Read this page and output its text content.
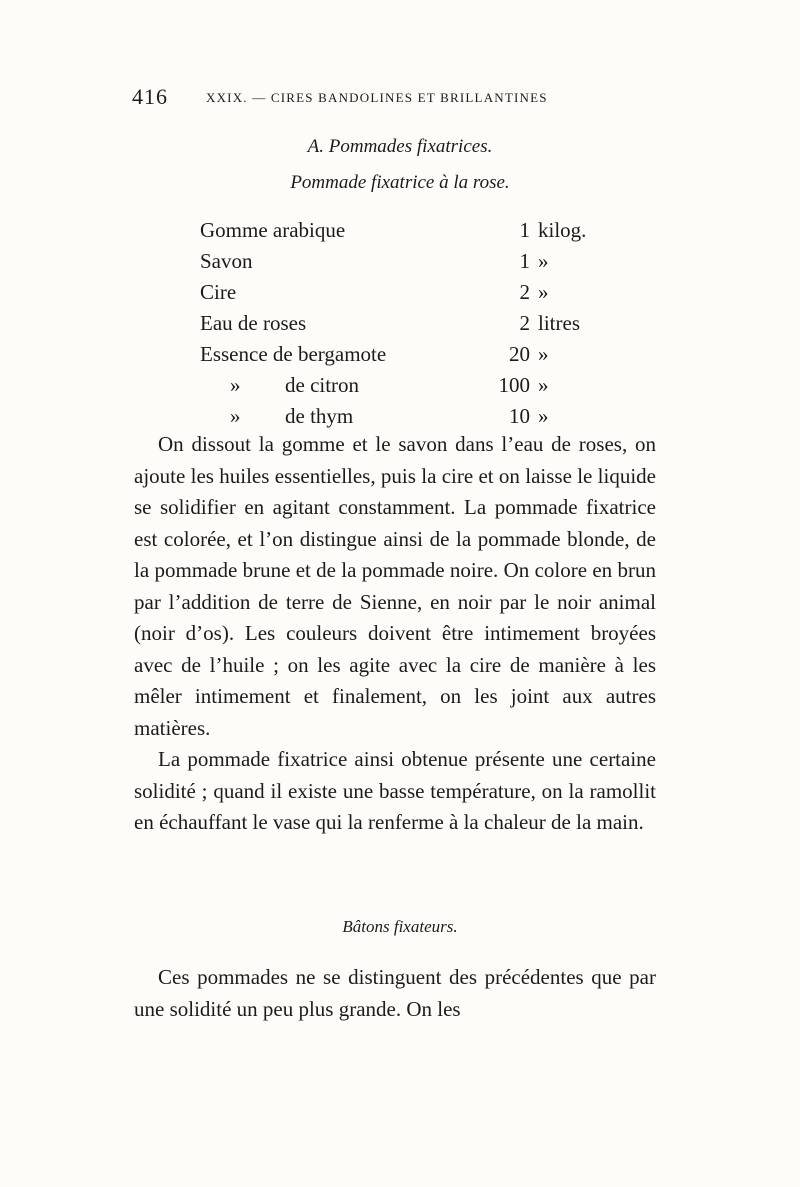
416	XXIX. — CIRES BANDOLINES ET BRILLANTINES
A. Pommades fixatrices.
Pommade fixatrice à la rose.
Gomme arabique	1 kilog.
Savon	1 »
Cire	2 »
Eau de roses	2 litres
Essence de bergamote	20 »
» de citron	100 »
» de thym	10 »

On dissout la gomme et le savon dans l’eau de roses, on ajoute les huiles essentielles, puis la cire et on laisse le liquide se solidifier en agitant constamment. La pommade fixatrice est colorée, et l’on distingue ainsi de la pommade blonde, de la pommade brune et de la pommade noire. On colore en brun par l’addition de terre de Sienne, en noir par le noir animal (noir d’os). Les couleurs doivent être intimement broyées avec de l’huile ; on les agite avec la cire de manière à les mêler intimement et finalement, on les joint aux autres matières.

La pommade fixatrice ainsi obtenue présente une certaine solidité ; quand il existe une basse température, on la ramollit en échauffant le vase qui la renferme à la chaleur de la main.

Bâtons fixateurs.

Ces pommades ne se distinguent des précédentes que par une solidité un peu plus grande. On les
